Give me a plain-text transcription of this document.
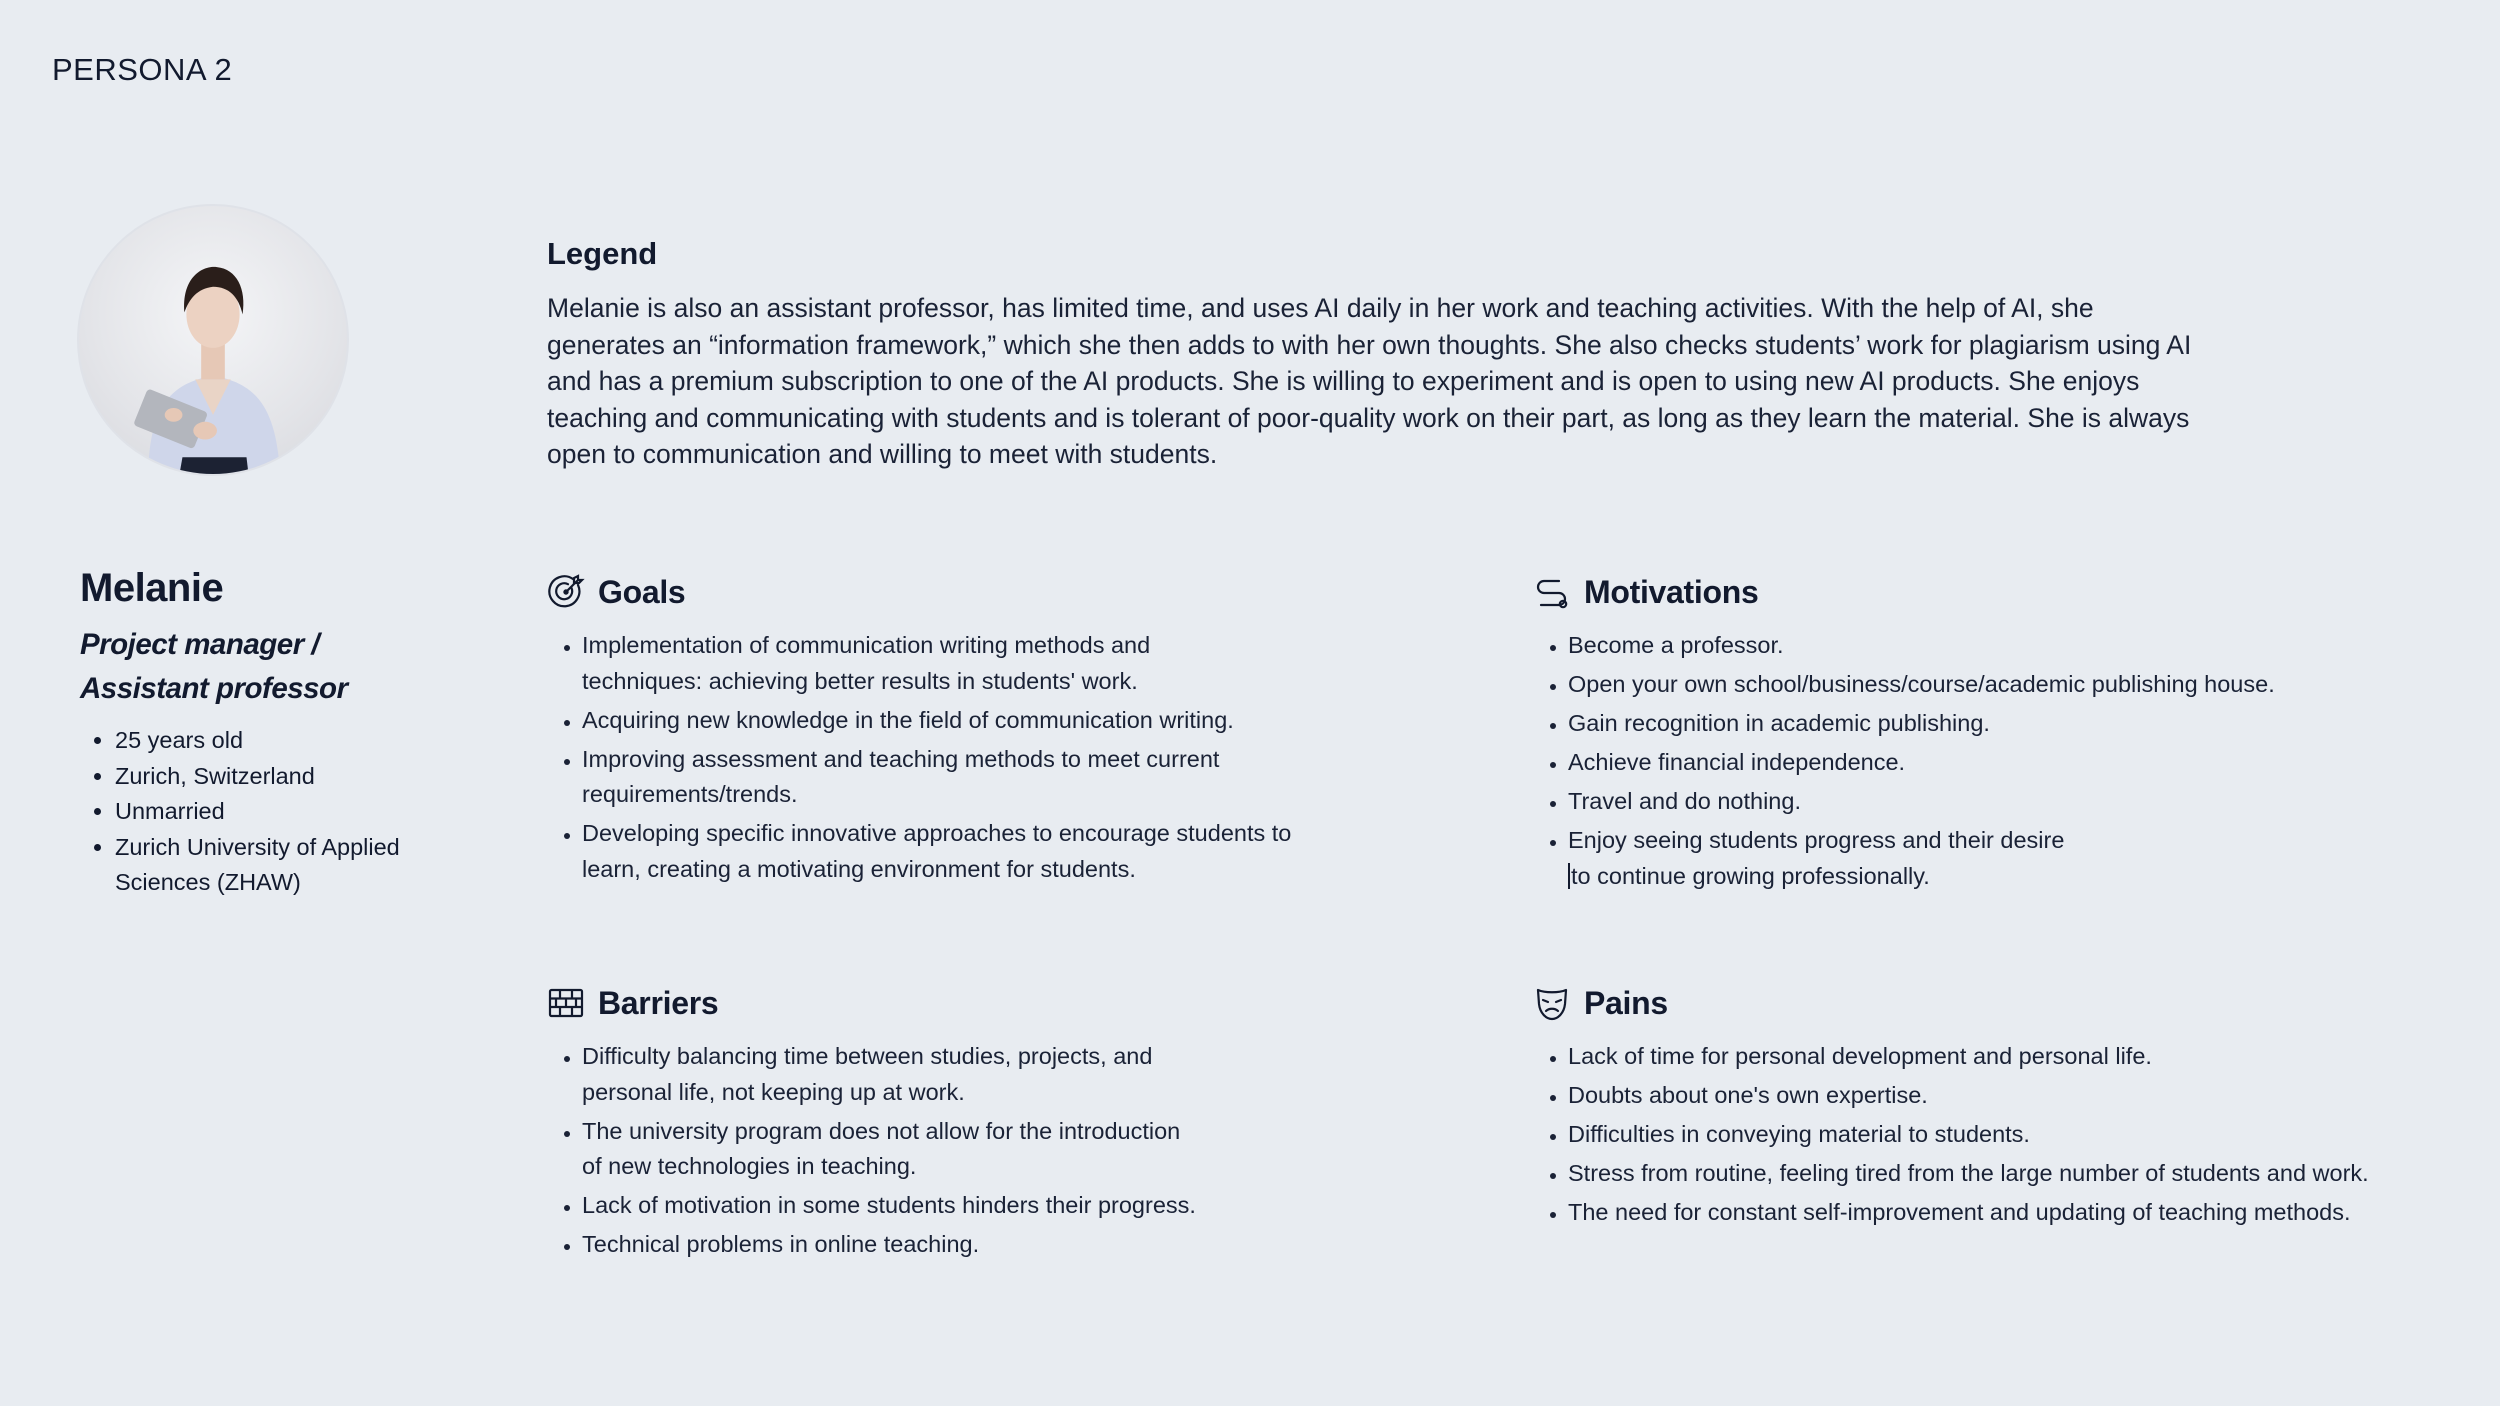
PERSONA 2
Legend

Melanie is also an assistant professor, has limited time, and uses AI daily in her work and teaching activities. With the help of AI, she generates an “information framework,” which she then adds to with her own thoughts. She also checks students’ work for plagiarism using AI and has a premium subscription to one of the AI products. She is willing to experiment and is open to using new AI products. She enjoys teaching and communicating with students and is tolerant of poor-quality work on their part, as long as they learn the material. She is always open to communication and willing to meet with students.

Melanie
Project manager /
Assistant professor
• 25 years old
• Zurich, Switzerland
• Unmarried
• Zurich University of Applied Sciences (ZHAW)
Goals
• Implementation of communication writing methods and techniques: achieving better results in students' work.
• Acquiring new knowledge in the field of communication writing.
• Improving assessment and teaching methods to meet current requirements/trends.
• Developing specific innovative approaches to encourage students to learn, creating a motivating environment for students.
Motivations
• Become a professor.
• Open your own school/business/course/academic publishing house.
• Gain recognition in academic publishing.
• Achieve financial independence.
• Travel and do nothing.
• Enjoy seeing students progress and their desire
to continue growing professionally.
Barriers
• Difficulty balancing time between studies, projects, and personal life, not keeping up at work.
• The university program does not allow for the introduction of new technologies in teaching.
• Lack of motivation in some students hinders their progress.
• Technical problems in online teaching.
Pains
• Lack of time for personal development and personal life.
• Doubts about one's own expertise.
• Difficulties in conveying material to students.
• Stress from routine, feeling tired from the large number of students and work.
• The need for constant self-improvement and updating of teaching methods.
